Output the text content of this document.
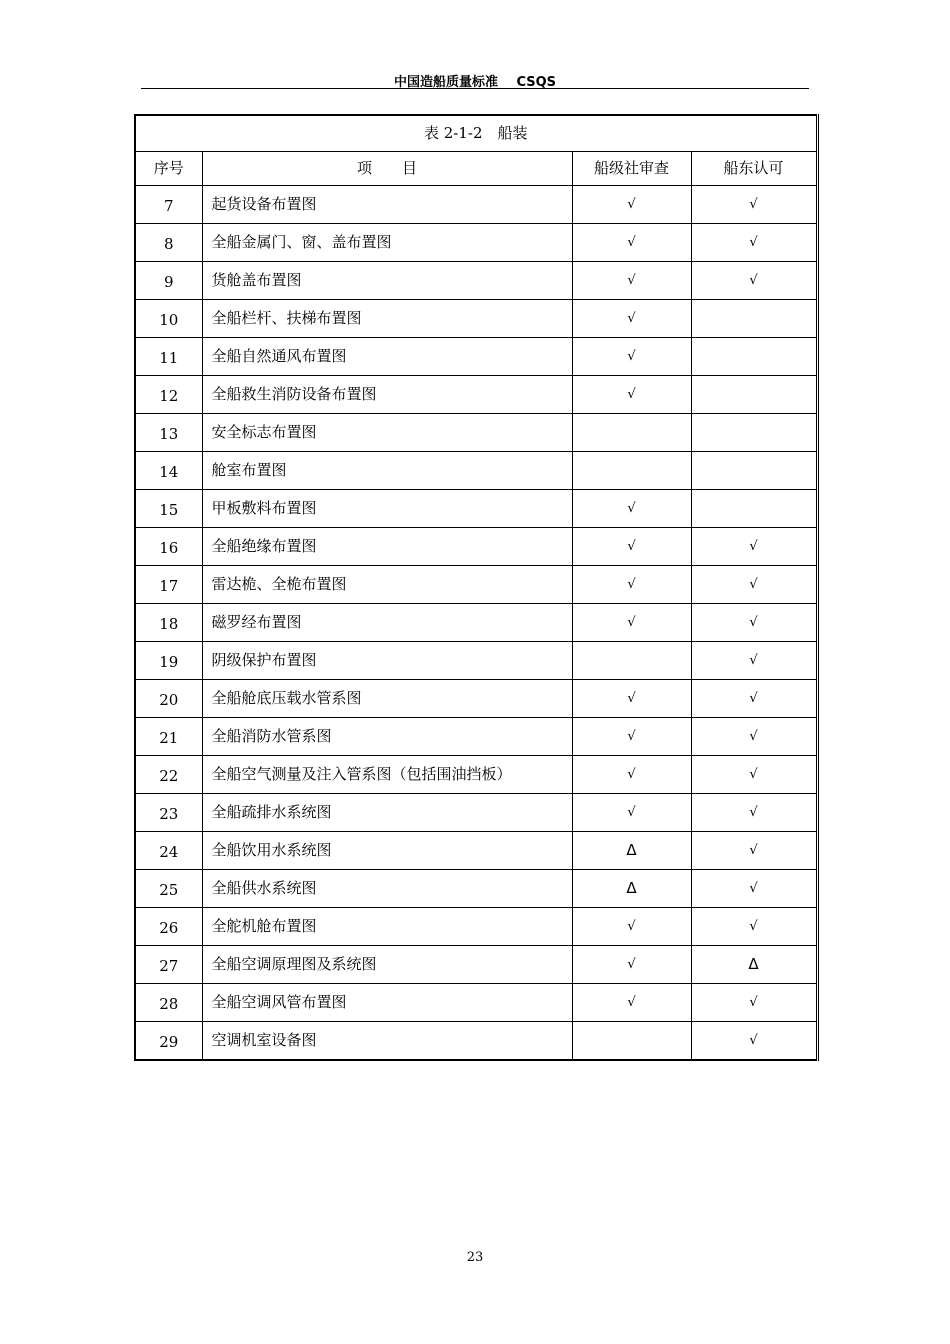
中国造船质量标准 CSQS
表 2-1-2　船装			
序号	项　　目	船级社审查	船东认可
7	起货设备布置图	√	√
8	全船金属门、窗、盖布置图	√	√
9	货舱盖布置图	√	√
10	全船栏杆、扶梯布置图	√	
11	全船自然通风布置图	√	
12	全船救生消防设备布置图	√	
13	安全标志布置图		
14	舱室布置图		
15	甲板敷料布置图	√	
16	全船绝缘布置图	√	√
17	雷达桅、全桅布置图	√	√
18	磁罗经布置图	√	√
19	阴级保护布置图		√
20	全船舱底压载水管系图	√	√
21	全船消防水管系图	√	√
22	全船空气测量及注入管系图（包括围油挡板）	√	√
23	全船疏排水系统图	√	√
24	全船饮用水系统图	Δ	√
25	全船供水系统图	Δ	√
26	全舵机舱布置图	√	√
27	全船空调原理图及系统图	√	Δ
28	全船空调风管布置图	√	√
29	空调机室设备图		√
23
